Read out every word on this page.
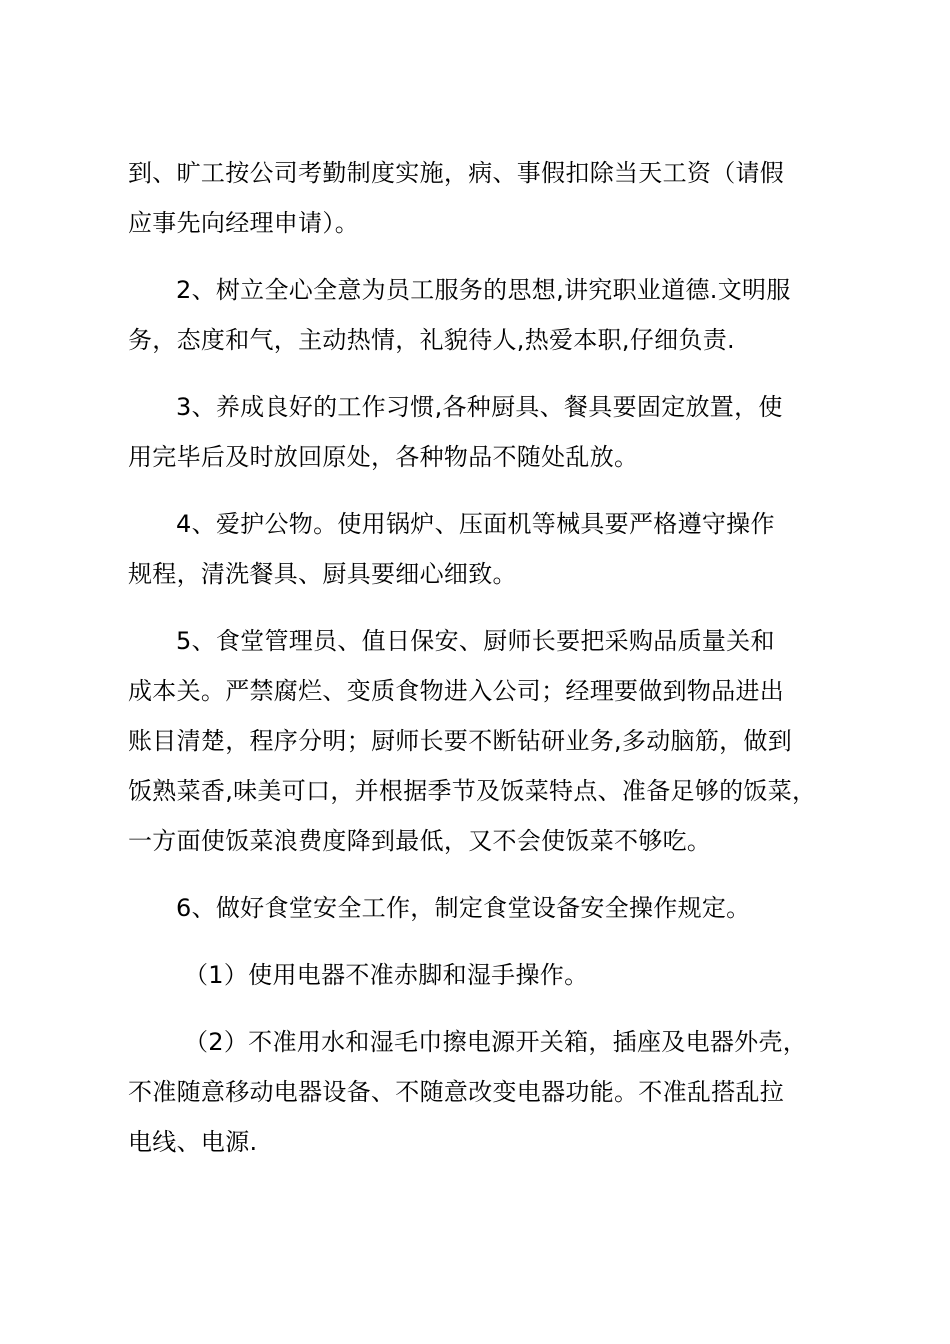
到、旷工按公司考勤制度实施，病、事假扣除当天工资（请假
应事先向经理申请）。

2、树立全心全意为员工服务的思想,讲究职业道德.文明服
务，态度和气，主动热情，礼貌待人,热爱本职,仔细负责.

3、养成良好的工作习惯,各种厨具、餐具要固定放置，使
用完毕后及时放回原处，各种物品不随处乱放。

4、爱护公物。使用锅炉、压面机等械具要严格遵守操作
规程，清洗餐具、厨具要细心细致。

5、食堂管理员、值日保安、厨师长要把采购品质量关和
成本关。严禁腐烂、变质食物进入公司；经理要做到物品进出
账目清楚，程序分明；厨师长要不断钻研业务,多动脑筋，做到
饭熟菜香,味美可口，并根据季节及饭菜特点、准备足够的饭菜，
一方面使饭菜浪费度降到最低，又不会使饭菜不够吃。

6、做好食堂安全工作，制定食堂设备安全操作规定。

（1）使用电器不准赤脚和湿手操作。

（2）不准用水和湿毛巾擦电源开关箱，插座及电器外壳，
不准随意移动电器设备、不随意改变电器功能。不准乱搭乱拉
电线、电源.
